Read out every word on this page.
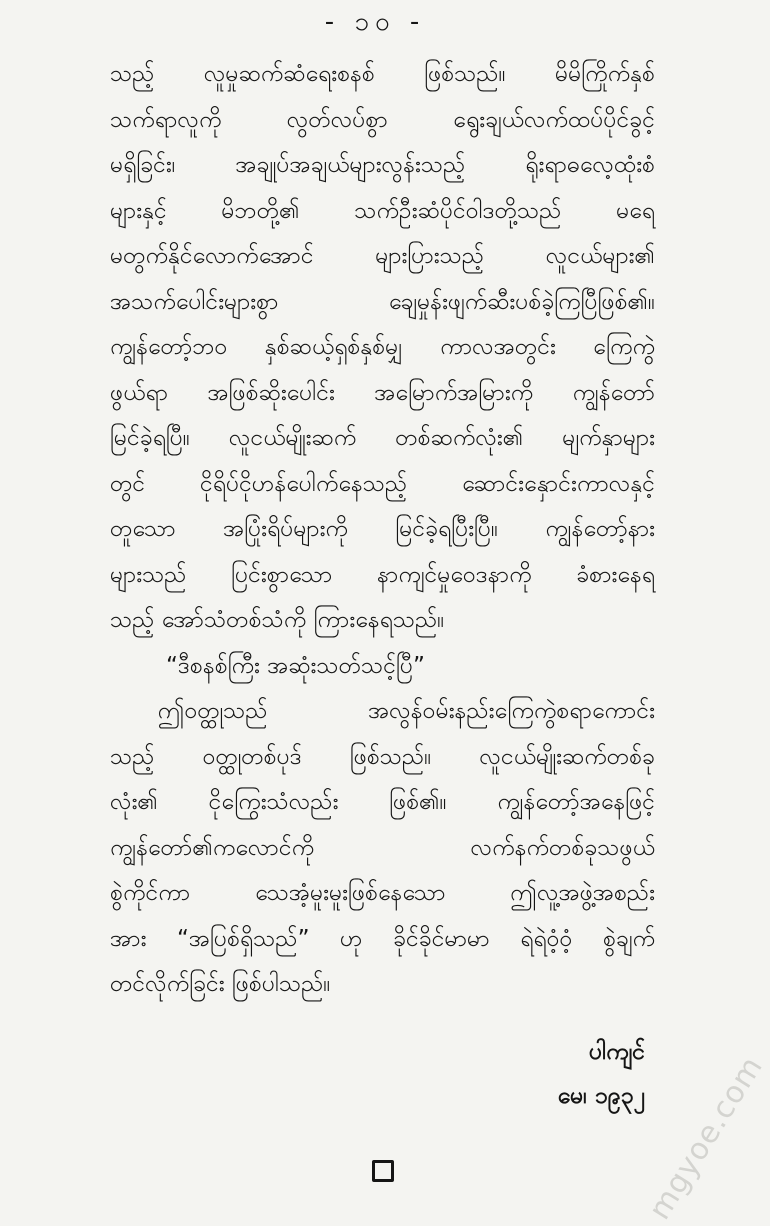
- ၁၀ -
သည့် လူမှုဆက်ဆံရေးစနစ် ဖြစ်သည်။ မိမိကြိုက်နှစ်
သက်ရာလူကို လွတ်လပ်စွာ ရွေးချယ်လက်ထပ်ပိုင်ခွင့်
မရှိခြင်း၊ အချုပ်အချယ်များလွန်းသည့် ရိုးရာဓလေ့ထုံးစံ
များနှင့် မိဘတို့၏ သက်ဦးဆံပိုင်ဝါဒတို့သည် မရေ
မတွက်နိုင်လောက်အောင် များပြားသည့် လူငယ်များ၏
အသက်ပေါင်းများစွာ ချေမှုန်းဖျက်ဆီးပစ်ခဲ့ကြပြီဖြစ်၏။
ကျွန်တော့်ဘဝ နှစ်ဆယ့်ရှစ်နှစ်မျှ ကာလအတွင်း ကြေကွဲ
ဖွယ်ရာ အဖြစ်ဆိုးပေါင်း အမြောက်အမြားကို ကျွန်တော်
မြင်ခဲ့ရပြီ။ လူငယ်မျိုးဆက် တစ်ဆက်လုံး၏ မျက်နှာများ
တွင် ငိုရိပ်ငိုဟန်ပေါက်နေသည့် ဆောင်းနှောင်းကာလနှင့်
တူသော အပြုံးရိပ်များကို မြင်ခဲ့ရပြီးပြီ။ ကျွန်တော့်နား
များသည် ပြင်းစွာသော နာကျင်မှုဝေဒနာကို ခံစားနေရ
သည့် အော်သံတစ်သံကို ကြားနေရသည်။
“ဒီစနစ်ကြီး အဆုံးသတ်သင့်ပြီ”
ဤဝတ္ထုသည် အလွန်ဝမ်းနည်းကြေကွဲစရာကောင်း
သည့် ဝတ္ထုတစ်ပုဒ် ဖြစ်သည်။ လူငယ်မျိုးဆက်တစ်ခု
လုံး၏ ငိုကြွေးသံလည်း ဖြစ်၏။ ကျွန်တော့်အနေဖြင့်
ကျွန်တော်၏ကလောင်ကို လက်နက်တစ်ခုသဖွယ်
စွဲကိုင်ကာ သေအံ့မူးမူးဖြစ်နေသော ဤလူ့အဖွဲ့အစည်း
အား “အပြစ်ရှိသည်” ဟု ခိုင်ခိုင်မာမာ ရဲရဲဝံ့ဝံ့ စွဲချက်
တင်လိုက်ခြင်း ဖြစ်ပါသည်။
ပါကျင်
မေ၊ ၁၉၃၂
mgyoe.com
